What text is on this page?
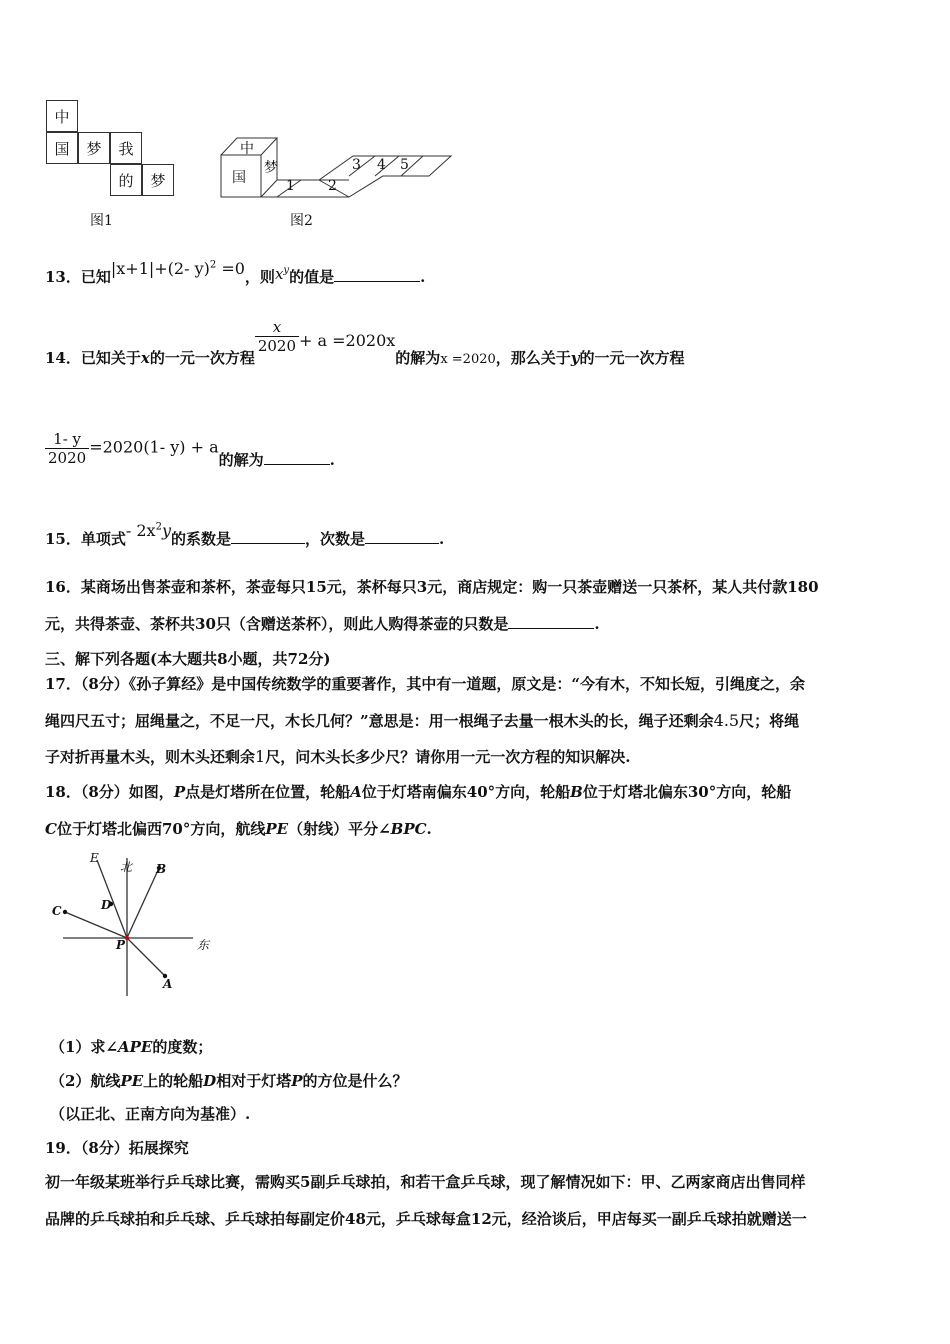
中
国	梦	我
的	梦
图1
中
国
梦
1 2
3 4 5
图2
13．已知|x+1|+(2- y)$^2$ =0，则$x^y$的值是	.
14．已知关于x的一元一次方程
$\frac{x}{2020} + a =2020x$的解为x =2020，那么关于y的一元一次方程
$\frac{1- y}{2020} =2020(1-$ y) + a的解为	.
15．单项式- $2x^2y$的系数是	，次数是	.
16．某商场出售茶壶和茶杯，茶壶每只15元，茶杯每只3元，商店规定：购一只茶壶赠送一只茶杯，某人共付款180
元，共得茶壶、茶杯共30只（含赠送茶杯），则此人购得茶壶的只数是	.
三、解下列各题(本大题共8小题，共72分)
17．（8分）《孙子算经》是中国传统数学的重要著作，其中有一道题，原文是：“今有木，不知长短，引绳度之，余
绳四尺五寸；屈绳量之，不足一尺，木长几何？”意思是：用一根绳子去量一根木头的长，绳子还剩余4.5尺；将绳
子对折再量木头，则木头还剩余1尺，问木头长多少尺？请你用一元一次方程的知识解决.
18．（8分）如图，P点是灯塔所在位置，轮船A位于灯塔南偏东40°方向，轮船B位于灯塔北偏东30°方向，轮船
C位于灯塔北偏西70°方向，航线PE（射线）平分∠BPC.
E
北 B
D
C
P	东
A
（1）求∠APE的度数；
（2）航线PE上的轮船D相对于灯塔P的方位是什么？
（以正北、正南方向为基准）.
19．（8分）拓展探究
初一年级某班举行乒乓球比赛，需购买5副乒乓球拍，和若干盒乒乓球，现了解情况如下：甲、乙两家商店出售同样
品牌的乒乓球拍和乒乓球、乒乓球拍每副定价48元，乒乓球每盒12元，经洽谈后，甲店每买一副乒乓球拍就赠送一
